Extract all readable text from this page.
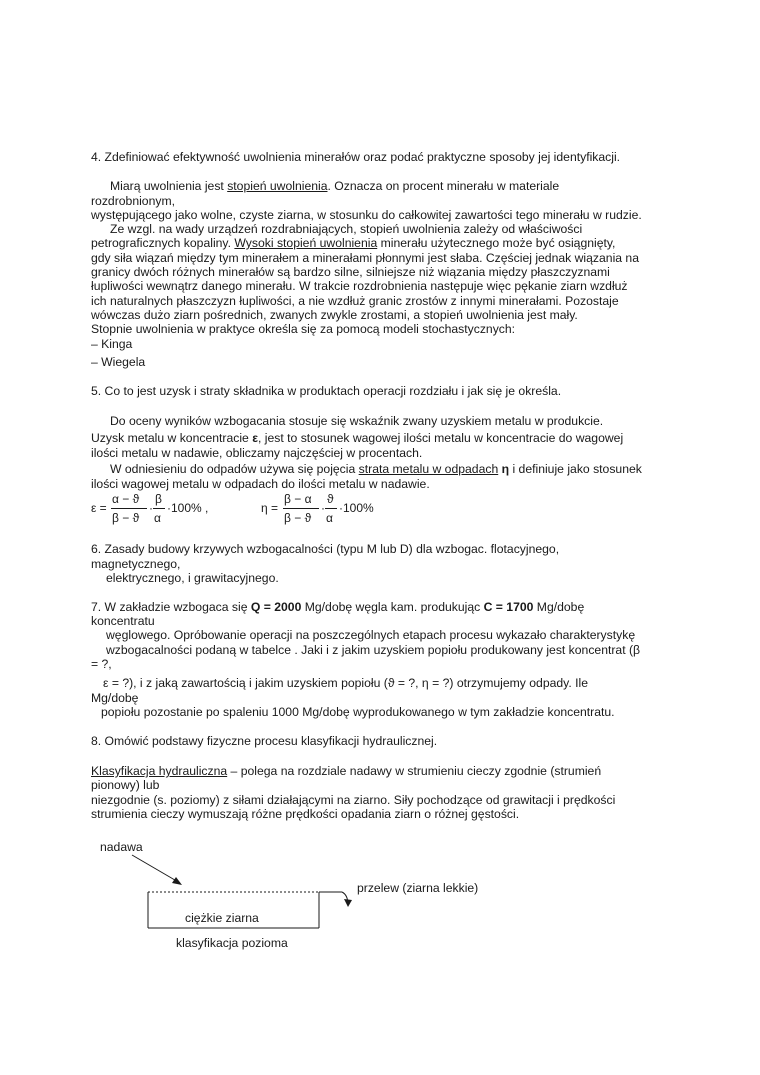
4. Zdefiniować efektywność uwolnienia minerałów oraz podać praktyczne sposoby jej identyfikacji.
Miarą uwolnienia jest stopień uwolnienia. Oznacza on procent minerału w materiale
rozdrobnionym,
występującego jako wolne, czyste ziarna, w stosunku do całkowitej zawartości tego minerału w rudzie.
Ze wzgl. na wady urządzeń rozdrabniających, stopień uwolnienia zależy od właściwości
petrograficznych kopaliny. Wysoki stopień uwolnienia minerału użytecznego może być osiągnięty,
gdy siła wiązań między tym minerałem a minerałami płonnymi jest słaba. Częściej jednak wiązania na
granicy dwóch różnych minerałów są bardzo silne, silniejsze niż wiązania między płaszczyznami
łupliwości wewnątrz danego minerału. W trakcie rozdrobnienia następuje więc pękanie ziarn wzdłuż
ich naturalnych płaszczyzn łupliwości, a nie wzdłuż granic zrostów z innymi minerałami. Pozostaje
wówczas dużo ziarn pośrednich, zwanych zwykle zrostami, a stopień uwolnienia jest mały.
Stopnie uwolnienia w praktyce określa się za pomocą modeli stochastycznych:
– Kinga
– Wiegela
5. Co to jest uzysk i straty składnika w produktach operacji rozdziału i jak się je określa.
Do oceny wyników wzbogacania stosuje się wskaźnik zwany uzyskiem metalu w produkcie.
Uzysk metalu w koncentracie ε, jest to stosunek wagowej ilości metalu w koncentracie do wagowej
ilości metalu w nadawie, obliczamy najczęściej w procentach.
W odniesieniu do odpadów używa się pojęcia strata metalu w odpadach η i definiuje jako stosunek
ilości wagowej metalu w odpadach do ilości metalu w nadawie.
ε =
α − ϑ
β − ϑ
·
β
α
·100% ,	η =
β − α
β − ϑ
·
ϑ
α
·100%
6. Zasady budowy krzywych wzbogacalności (typu M lub D) dla wzbogac. flotacyjnego,
magnetycznego,
elektrycznego, i grawitacyjnego.
7. W zakładzie wzbogaca się Q = 2000 Mg/dobę węgla kam. produkując C = 1700 Mg/dobę
koncentratu
węglowego. Opróbowanie operacji na poszczególnych etapach procesu wykazało charakterystykę
wzbogacalności podaną w tabelce . Jaki i z jakim uzyskiem popiołu produkowany jest koncentrat (β
= ?,
ε = ?), i z jaką zawartością i jakim uzyskiem popiołu (ϑ = ?, η = ?) otrzymujemy odpady. Ile
Mg/dobę
popiołu pozostanie po spaleniu 1000 Mg/dobę wyprodukowanego w tym zakładzie koncentratu.
8. Omówić podstawy fizyczne procesu klasyfikacji hydraulicznej.
Klasyfikacja hydrauliczna – polega na rozdziale nadawy w strumieniu cieczy zgodnie (strumień
pionowy) lub
niezgodnie (s. poziomy) z siłami działającymi na ziarno. Siły pochodzące od grawitacji i prędkości
strumienia cieczy wymuszają różne prędkości opadania ziarn o różnej gęstości.
nadawa
przelew (ziarna lekkie)
ciężkie ziarna
klasyfikacja pozioma
